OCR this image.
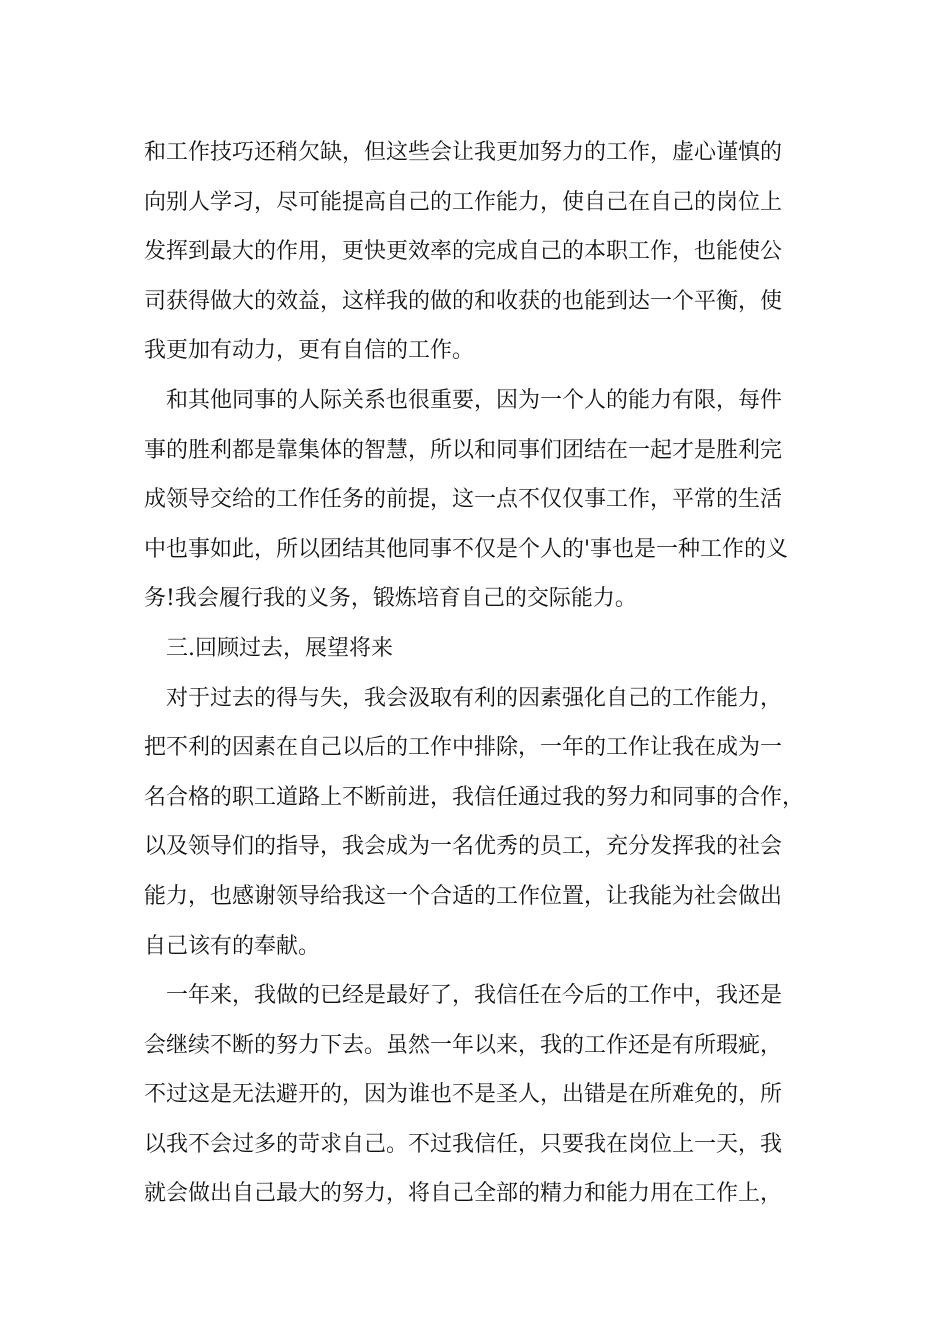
和工作技巧还稍欠缺，但这些会让我更加努力的工作，虚心谨慎的
向别人学习，尽可能提高自己的工作能力，使自己在自己的岗位上
发挥到最大的作用，更快更效率的完成自己的本职工作，也能使公
司获得做大的效益，这样我的做的和收获的也能到达一个平衡，使
我更加有动力，更有自信的工作。
和其他同事的人际关系也很重要，因为一个人的能力有限，每件
事的胜利都是靠集体的智慧，所以和同事们团结在一起才是胜利完
成领导交给的工作任务的前提，这一点不仅仅事工作，平常的生活
中也事如此，所以团结其他同事不仅是个人的'事也是一种工作的义
务!我会履行我的义务，锻炼培育自己的交际能力。
三.回顾过去，展望将来
对于过去的得与失，我会汲取有利的因素强化自己的工作能力，
把不利的因素在自己以后的工作中排除，一年的工作让我在成为一
名合格的职工道路上不断前进，我信任通过我的努力和同事的合作，
以及领导们的指导，我会成为一名优秀的员工，充分发挥我的社会
能力，也感谢领导给我这一个合适的工作位置，让我能为社会做出
自己该有的奉献。
一年来，我做的已经是最好了，我信任在今后的工作中，我还是
会继续不断的努力下去。虽然一年以来，我的工作还是有所瑕疵，
不过这是无法避开的，因为谁也不是圣人，出错是在所难免的，所
以我不会过多的苛求自己。不过我信任，只要我在岗位上一天，我
就会做出自己最大的努力，将自己全部的精力和能力用在工作上，
